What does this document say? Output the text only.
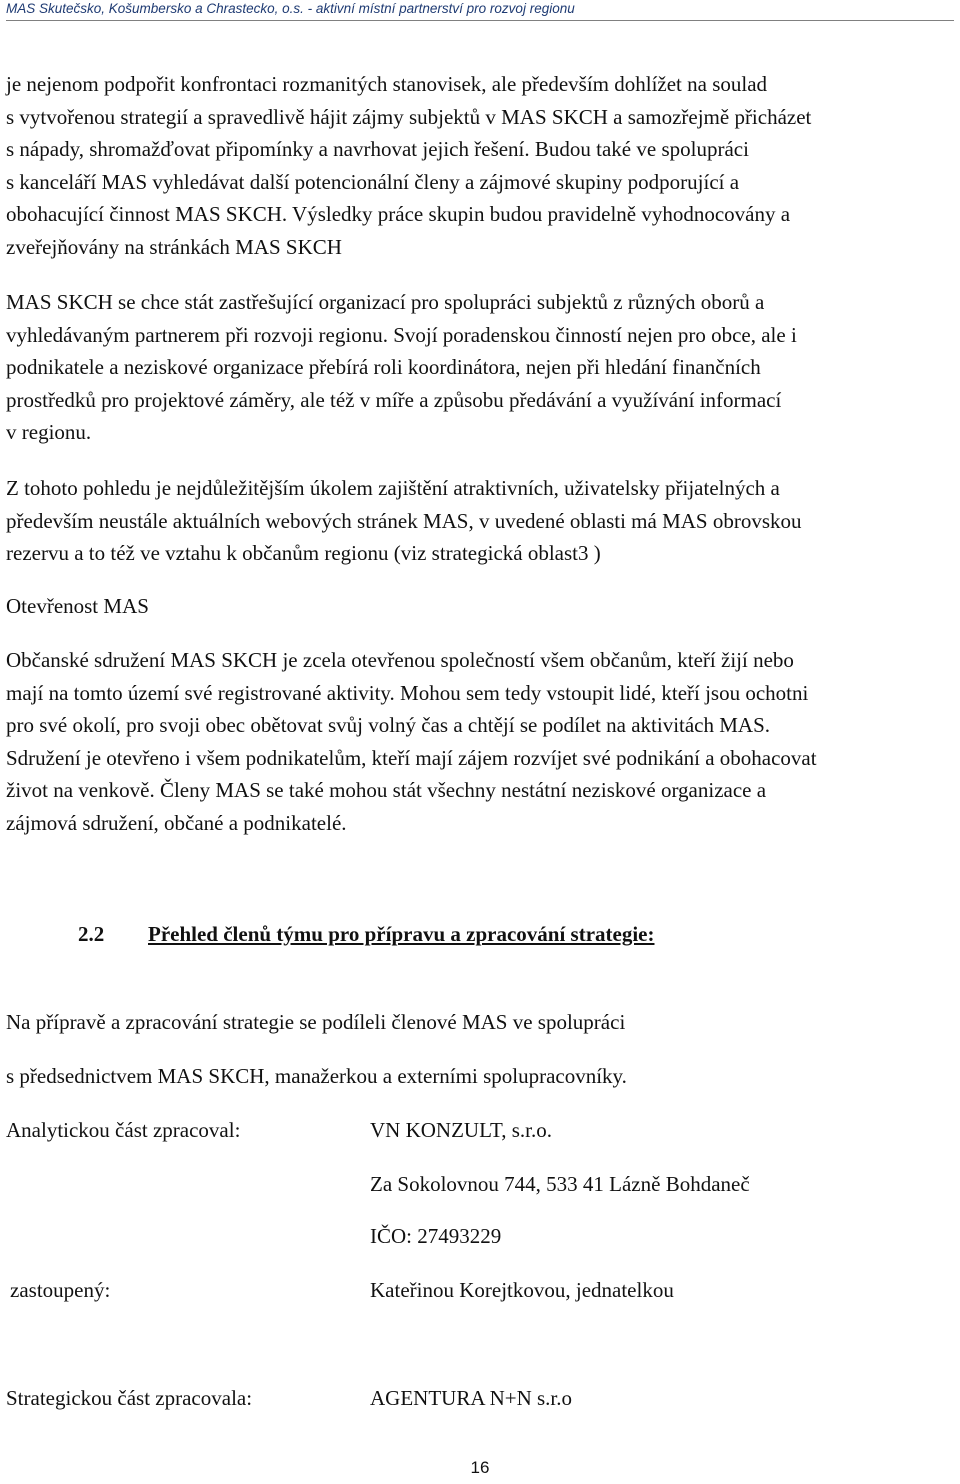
MAS Skutečsko, Košumbersko a Chrastecko, o.s. - aktivní místní partnerství pro rozvoj regionu
je nejenom podpořit konfrontaci rozmanitých stanovisek, ale především dohlížet na soulad
s vytvořenou strategií a spravedlivě hájit zájmy subjektů v MAS SKCH a samozřejmě přicházet
s nápady, shromažďovat připomínky a navrhovat jejich řešení. Budou také ve spolupráci
s kanceláří MAS vyhledávat další potencionální členy a zájmové skupiny podporující a
obohacující činnost MAS SKCH. Výsledky práce skupin budou pravidelně vyhodnocovány a
zveřejňovány na stránkách MAS SKCH
MAS SKCH se chce stát zastřešující organizací pro spolupráci subjektů z různých oborů a
vyhledávaným partnerem při rozvoji regionu. Svojí poradenskou činností nejen pro obce, ale i
podnikatele a neziskové organizace přebírá roli koordinátora, nejen při hledání finančních
prostředků pro projektové záměry, ale též v míře a způsobu předávání a využívání informací
v regionu.
Z tohoto pohledu je nejdůležitějším úkolem zajištění atraktivních, uživatelsky přijatelných a
především neustále aktuálních webových stránek MAS, v uvedené oblasti má MAS obrovskou
rezervu a to též ve vztahu k občanům regionu (viz strategická oblast3 )
Otevřenost MAS
Občanské sdružení MAS SKCH je zcela otevřenou společností všem občanům, kteří žijí nebo
mají na tomto území své registrované aktivity. Mohou sem tedy vstoupit lidé, kteří jsou ochotni
pro své okolí, pro svoji obec obětovat svůj volný čas a chtějí se podílet na aktivitách MAS.
Sdružení je otevřeno i všem podnikatelům, kteří mají zájem rozvíjet své podnikání a obohacovat
život na venkově. Členy MAS se také mohou stát všechny nestátní neziskové organizace a
zájmová sdružení, občané a podnikatelé.
2.2 Přehled členů týmu pro přípravu a zpracování strategie:
Na přípravě a zpracování strategie se podíleli členové MAS ve spolupráci
s předsednictvem MAS SKCH, manažerkou a externími spolupracovníky.
Analytickou část zpracoval:	VN KONZULT, s.r.o.
Za Sokolovnou 744, 533 41 Lázně Bohdaneč
IČO: 27493229
zastoupený:	Kateřinou Korejtkovou, jednatelkou
Strategickou část zpracovala:	AGENTURA N+N s.r.o
16
